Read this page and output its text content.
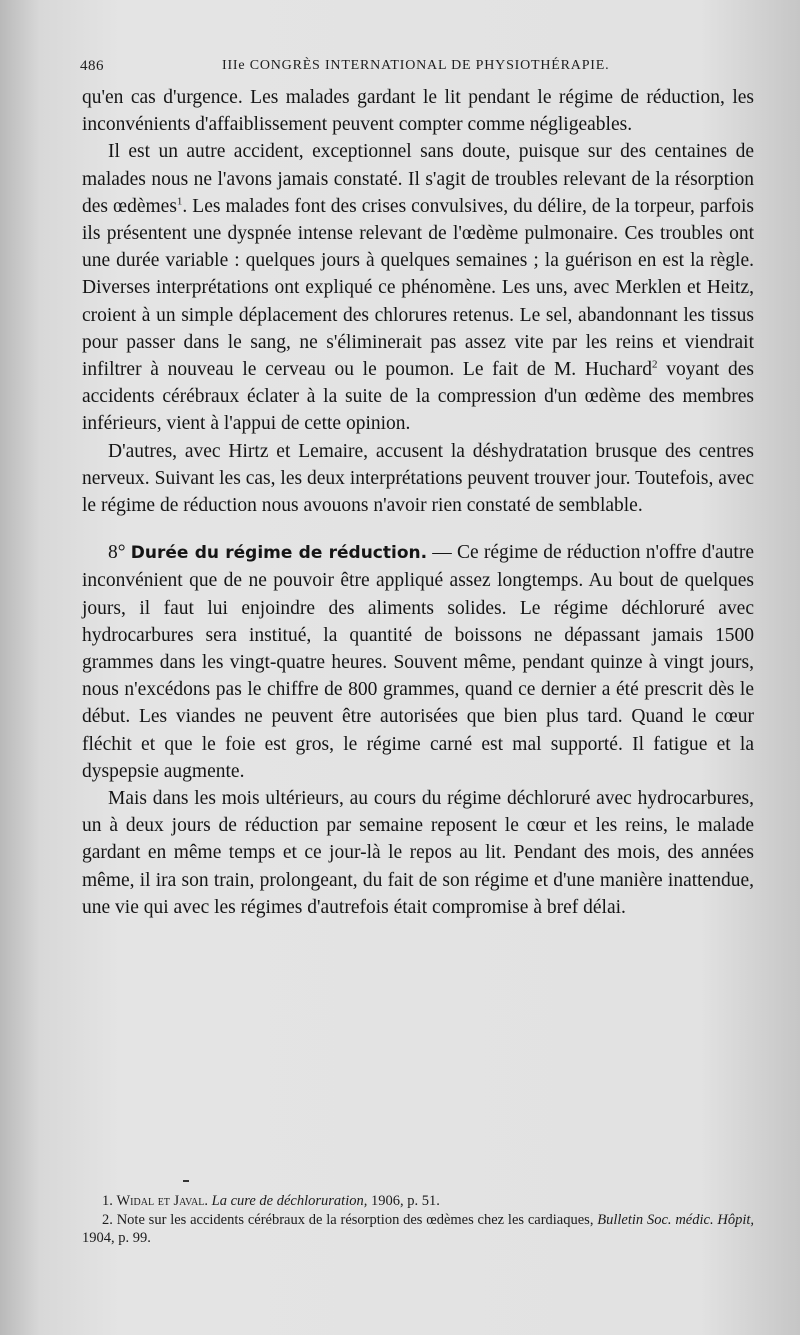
486	IIIe CONGRÈS INTERNATIONAL DE PHYSIOTHÉRAPIE.

qu'en cas d'urgence. Les malades gardant le lit pendant le régime de réduction, les inconvénients d'affaiblissement peuvent compter comme négligeables.

Il est un autre accident, exceptionnel sans doute, puisque sur des centaines de malades nous ne l'avons jamais constaté. Il s'agit de troubles relevant de la résorption des œdèmes$^1$. Les malades font des crises convulsives, du délire, de la torpeur, parfois ils présentent une dyspnée intense relevant de l'œdème pulmonaire. Ces troubles ont une durée variable : quelques jours à quelques semaines ; la guérison en est la règle. Diverses interprétations ont expliqué ce phénomène. Les uns, avec Merklen et Heitz, croient à un simple déplacement des chlorures retenus. Le sel, abandonnant les tissus pour passer dans le sang, ne s'éliminerait pas assez vite par les reins et viendrait infiltrer à nouveau le cerveau ou le poumon. Le fait de M. Huchard$^2$ voyant des accidents cérébraux éclater à la suite de la compression d'un œdème des membres inférieurs, vient à l'appui de cette opinion.

D'autres, avec Hirtz et Lemaire, accusent la déshydratation brusque des centres nerveux. Suivant les cas, les deux interprétations peuvent trouver jour. Toutefois, avec le régime de réduction nous avouons n'avoir rien constaté de semblable.

8° Durée du régime de réduction. — Ce régime de réduction n'offre d'autre inconvénient que de ne pouvoir être appliqué assez longtemps. Au bout de quelques jours, il faut lui enjoindre des aliments solides. Le régime déchloruré avec hydrocarbures sera institué, la quantité de boissons ne dépassant jamais 1500 grammes dans les vingt-quatre heures. Souvent même, pendant quinze à vingt jours, nous n'excédons pas le chiffre de 800 grammes, quand ce dernier a été prescrit dès le début. Les viandes ne peuvent être autorisées que bien plus tard. Quand le cœur fléchit et que le foie est gros, le régime carné est mal supporté. Il fatigue et la dyspepsie augmente.

Mais dans les mois ultérieurs, au cours du régime déchloruré avec hydrocarbures, un à deux jours de réduction par semaine reposent le cœur et les reins, le malade gardant en même temps et ce jour-là le repos au lit. Pendant des mois, des années même, il ira son train, prolongeant, du fait de son régime et d'une manière inattendue, une vie qui avec les régimes d'autrefois était compromise à bref délai.

1. Widal et Javal. La cure de déchloruration, 1906, p. 51.

2. Note sur les accidents cérébraux de la résorption des œdèmes chez les cardiaques, Bulletin Soc. médic. Hôpit, 1904, p. 99.
